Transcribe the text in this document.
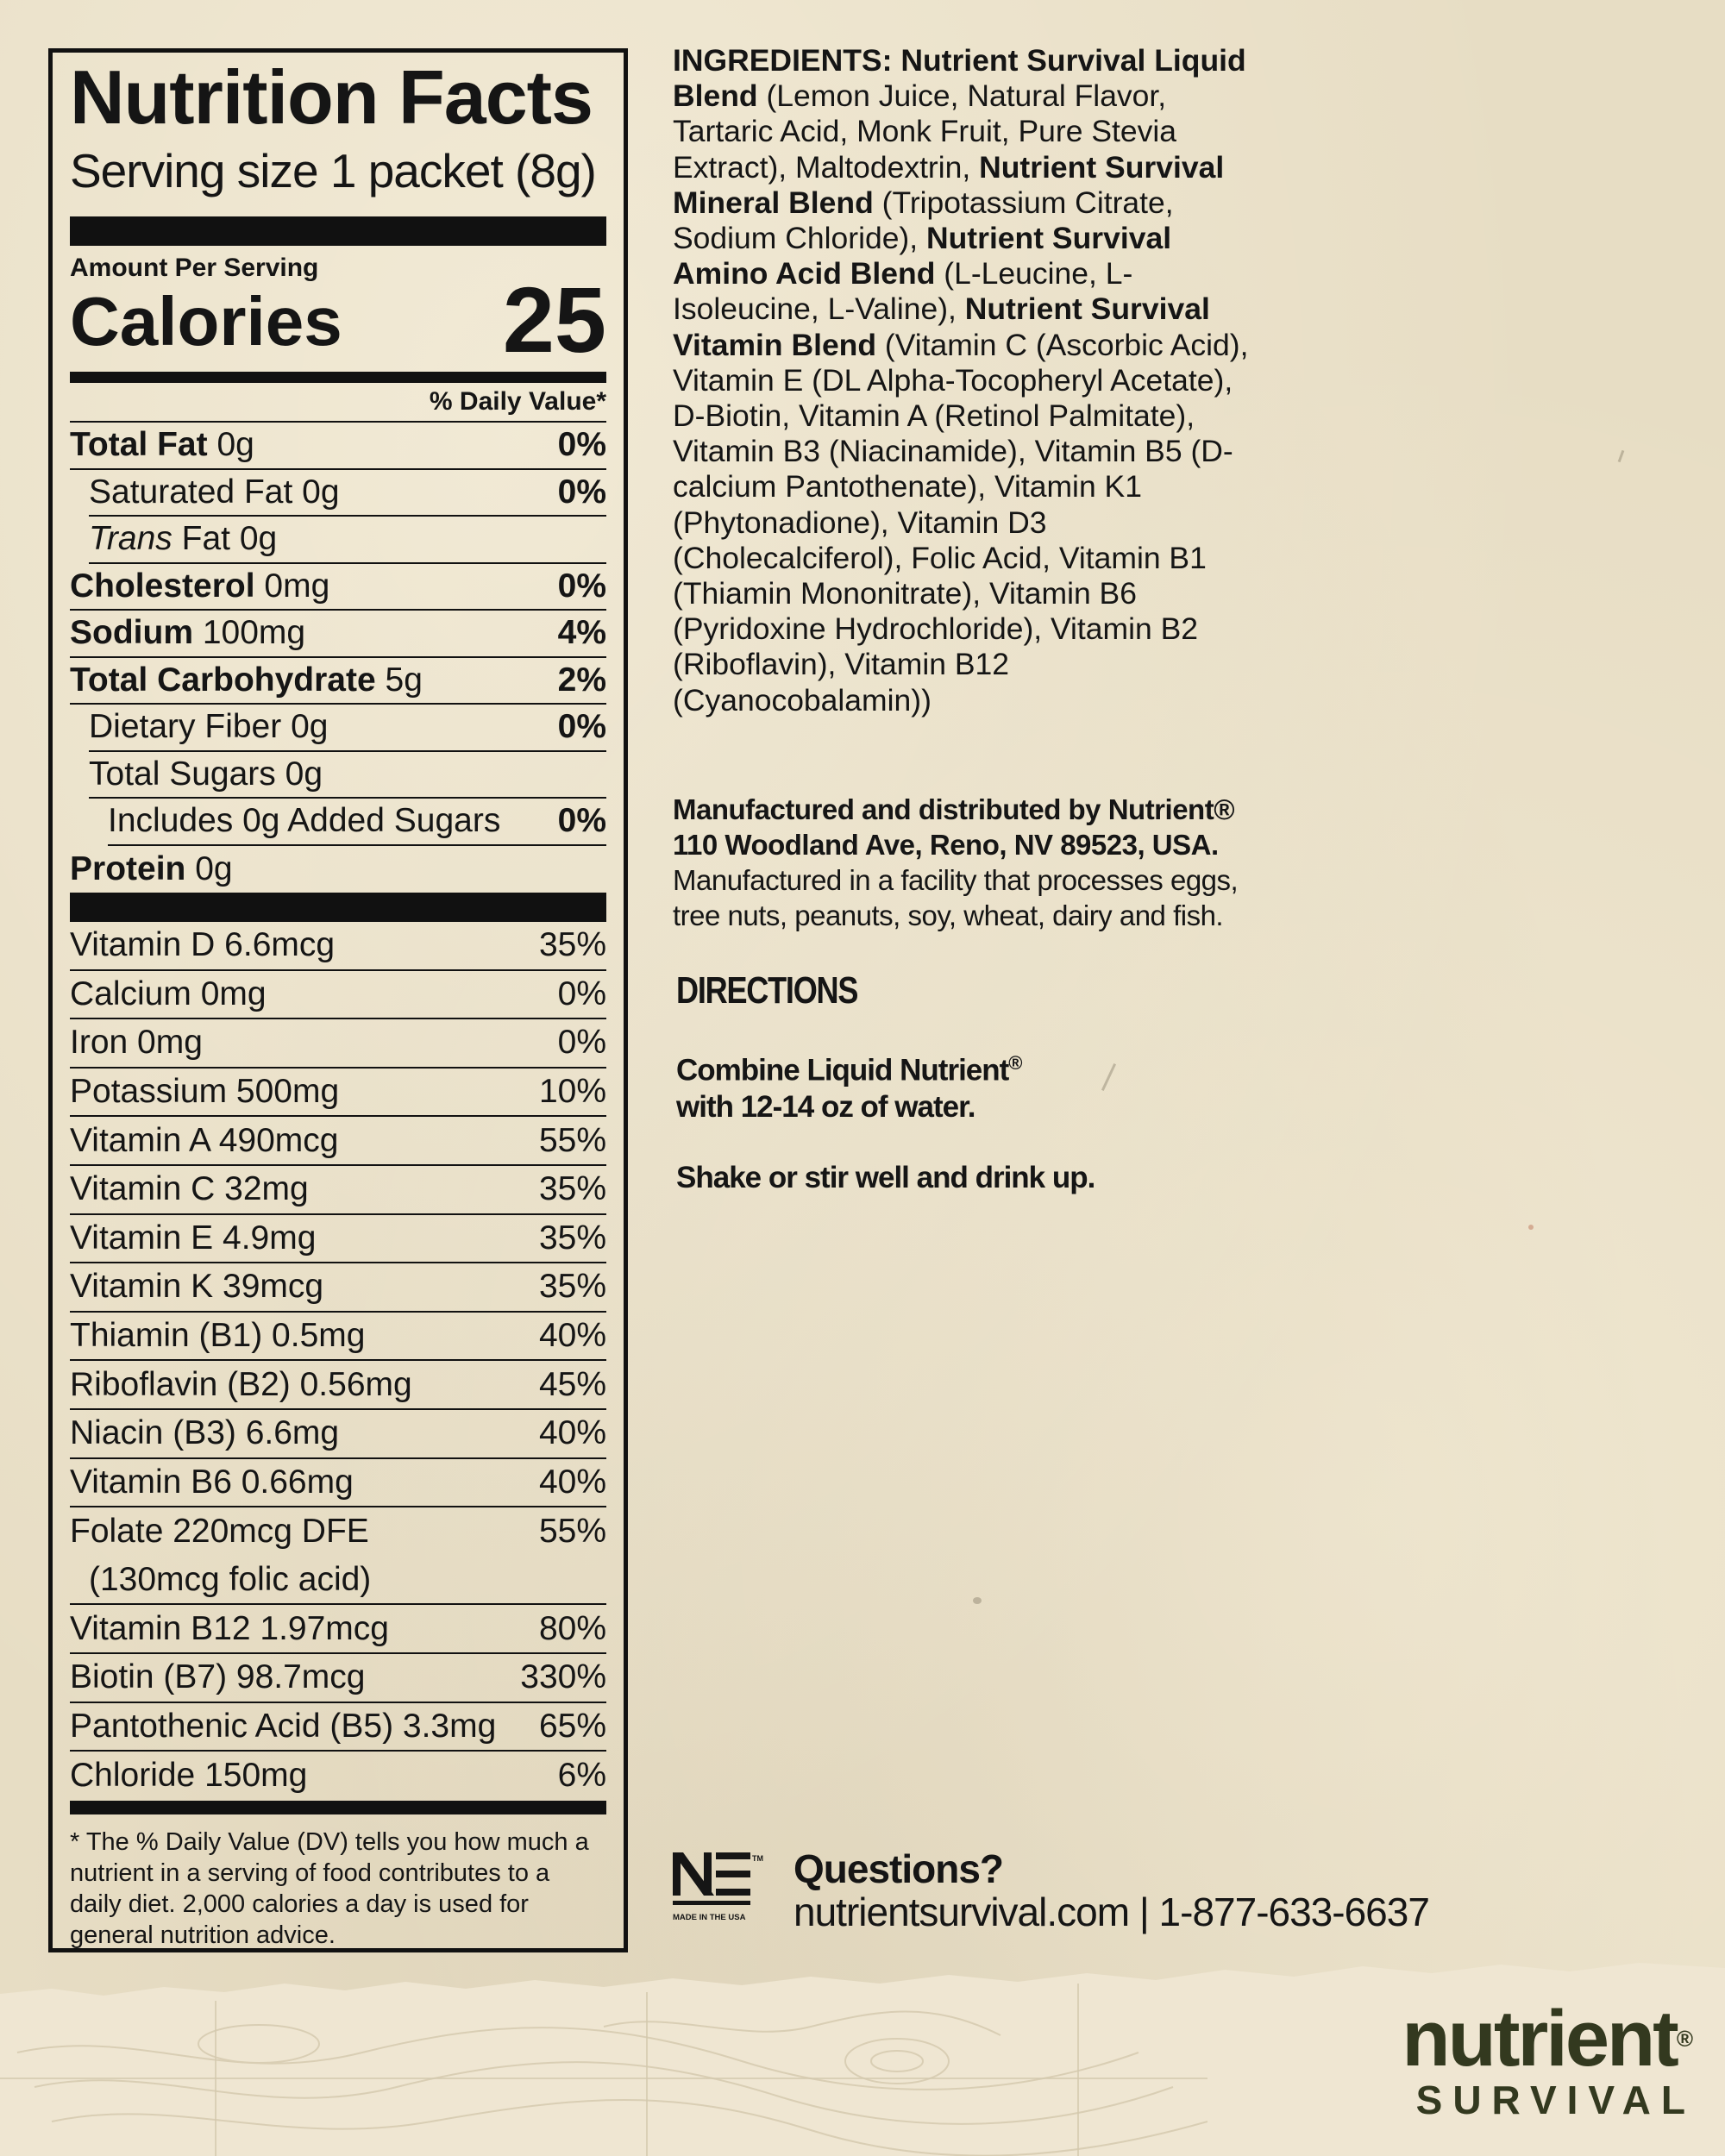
Nutrition Facts
Serving size 1 packet (8g)
Amount Per Serving
Calories 25
% Daily Value*
Total Fat 0g	0%
Saturated Fat 0g	0%
Trans Fat 0g
Cholesterol 0mg	0%
Sodium 100mg	4%
Total Carbohydrate 5g	2%
Dietary Fiber 0g	0%
Total Sugars 0g
Includes 0g Added Sugars 0%
Protein 0g
Vitamin D 6.6mcg	35%
Calcium 0mg	0%
Iron 0mg	0%
Potassium 500mg	10%
Vitamin A 490mcg	55%
Vitamin C 32mg	35%
Vitamin E 4.9mg	35%
Vitamin K 39mcg	35%
Thiamin (B1) 0.5mg	40%
Riboflavin (B2) 0.56mg	45%
Niacin (B3) 6.6mg	40%
Vitamin B6 0.66mg	40%
Folate 220mcg DFE	55%
(130mcg folic acid)
Vitamin B12 1.97mcg	80%
Biotin (B7) 98.7mcg	330%
Pantothenic Acid (B5) 3.3mg 65%
Chloride 150mg	6%
* The % Daily Value (DV) tells you how much a nutrient in a serving of food contributes to a daily diet. 2,000 calories a day is used for general nutrition advice.
INGREDIENTS: Nutrient Survival Liquid Blend (Lemon Juice, Natural Flavor, Tartaric Acid, Monk Fruit, Pure Stevia Extract), Maltodextrin, Nutrient Survival Mineral Blend (Tripotassium Citrate, Sodium Chloride), Nutrient Survival Amino Acid Blend (L-Leucine, L-Isoleucine, L-Valine), Nutrient Survival Vitamin Blend (Vitamin C (Ascorbic Acid), Vitamin E (DL Alpha-Tocopheryl Acetate), D-Biotin, Vitamin A (Retinol Palmitate), Vitamin B3 (Niacinamide), Vitamin B5 (D-calcium Pantothenate), Vitamin K1 (Phytonadione), Vitamin D3 (Cholecalciferol), Folic Acid, Vitamin B1 (Thiamin Mononitrate), Vitamin B6 (Pyridoxine Hydrochloride), Vitamin B2 (Riboflavin), Vitamin B12 (Cyanocobalamin))
Manufactured and distributed by Nutrient®
110 Woodland Ave, Reno, NV 89523, USA.
Manufactured in a facility that processes eggs,
tree nuts, peanuts, soy, wheat, dairy and fish.
DIRECTIONS

Combine Liquid Nutrient®
with 12-14 oz of water.

Shake or stir well and drink up.

TM
MADE IN THE USA
Questions?
nutrientsurvival.com | 1-877-633-6637
nutrient®
SURVIVAL
